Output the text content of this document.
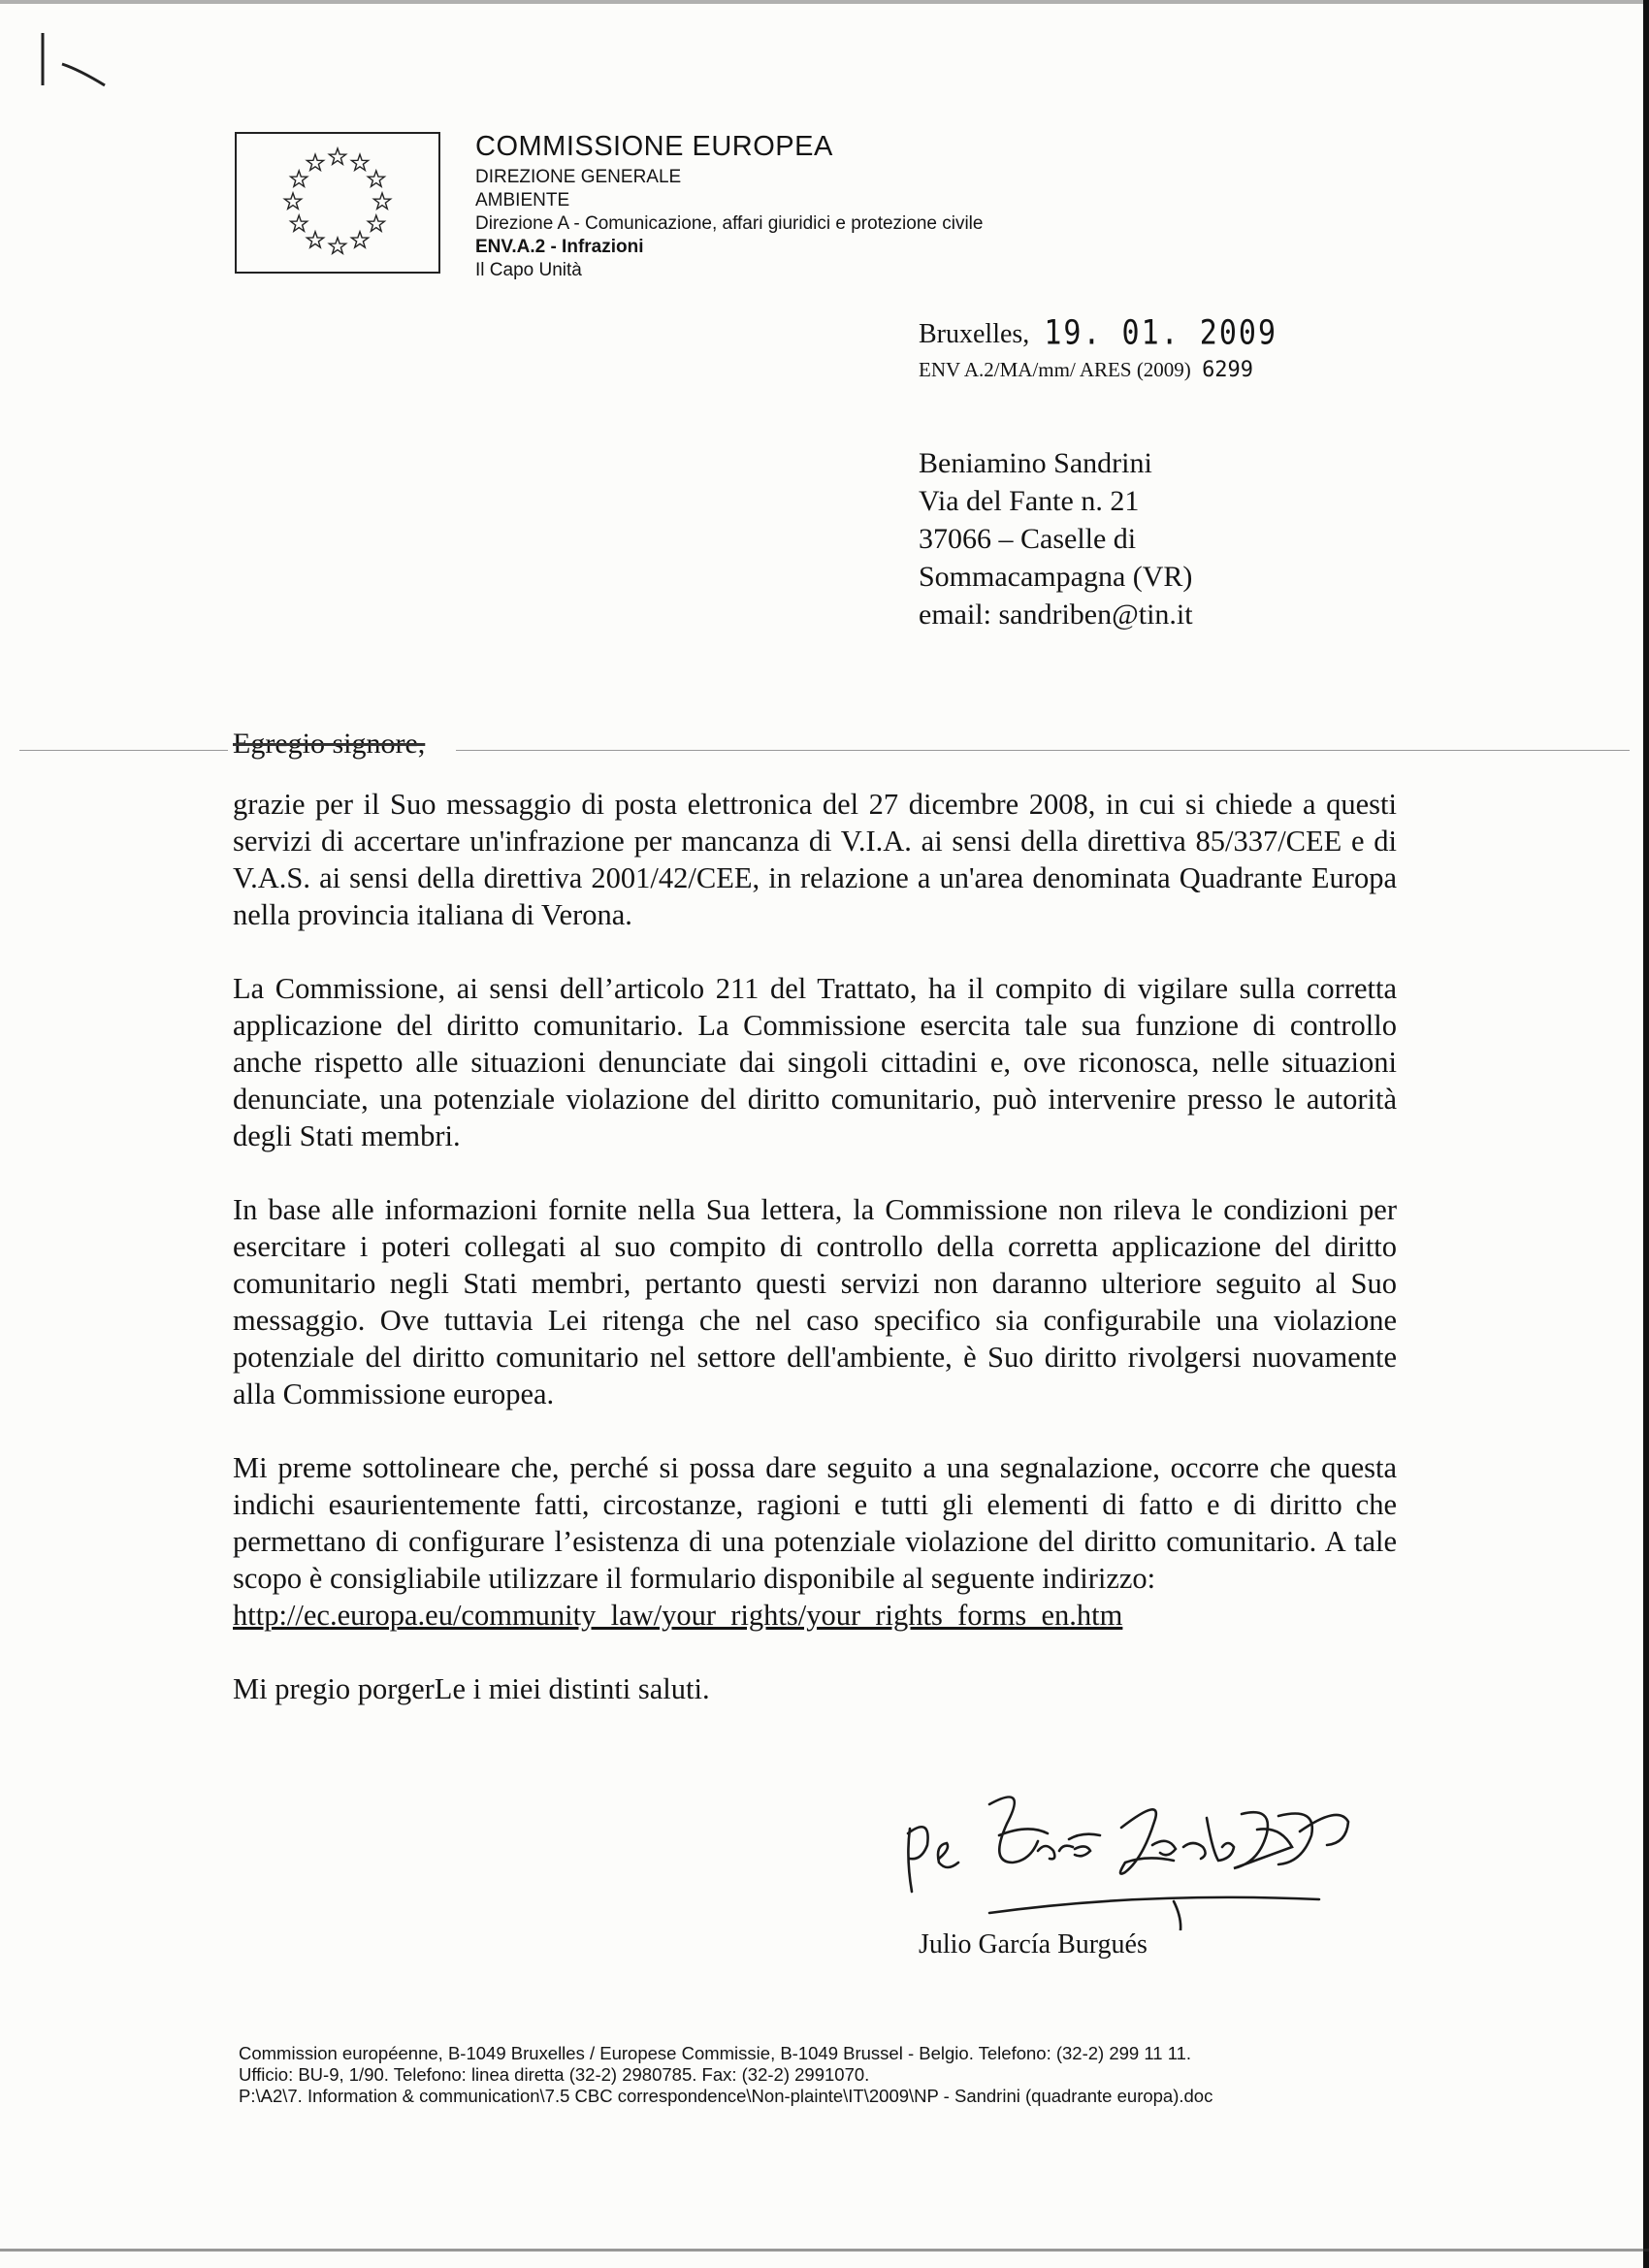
COMMISSIONE EUROPEA
DIREZIONE GENERALE
AMBIENTE
Direzione A - Comunicazione, affari giuridici e protezione civile
ENV.A.2 - Infrazioni
Il Capo Unità
Bruxelles, 19. 01. 2009
ENV A.2/MA/mm/ ARES (2009) 6299
Beniamino Sandrini
Via del Fante n. 21
37066 – Caselle di
Sommacampagna (VR)
email: sandriben@tin.it
Egregio signore,

grazie per il Suo messaggio di posta elettronica del 27 dicembre 2008, in cui si chiede a questi servizi di accertare un'infrazione per mancanza di V.I.A. ai sensi della direttiva 85/337/CEE e di V.A.S. ai sensi della direttiva 2001/42/CEE, in relazione a un'area denominata Quadrante Europa nella provincia italiana di Verona.

La Commissione, ai sensi dell’articolo 211 del Trattato, ha il compito di vigilare sulla corretta applicazione del diritto comunitario. La Commissione esercita tale sua funzione di controllo anche rispetto alle situazioni denunciate dai singoli cittadini e, ove riconosca, nelle situazioni denunciate, una potenziale violazione del diritto comunitario, può intervenire presso le autorità degli Stati membri.

In base alle informazioni fornite nella Sua lettera, la Commissione non rileva le condizioni per esercitare i poteri collegati al suo compito di controllo della corretta applicazione del diritto comunitario negli Stati membri, pertanto questi servizi non daranno ulteriore seguito al Suo messaggio. Ove tuttavia Lei ritenga che nel caso specifico sia configurabile una violazione potenziale del diritto comunitario nel settore dell'ambiente, è Suo diritto rivolgersi nuovamente alla Commissione europea.

Mi preme sottolineare che, perché si possa dare seguito a una segnalazione, occorre che questa indichi esaurientemente fatti, circostanze, ragioni e tutti gli elementi di fatto e di diritto che permettano di configurare l’esistenza di una potenziale violazione del diritto comunitario. A tale scopo è consigliabile utilizzare il formulario disponibile al seguente indirizzo:

http://ec.europa.eu/community_law/your_rights/your_rights_forms_en.htm

Mi pregio porgerLe i miei distinti saluti.

Julio García Burgués
Commission européenne, B-1049 Bruxelles / Europese Commissie, B-1049 Brussel - Belgio. Telefono: (32-2) 299 11 11.
Ufficio: BU-9, 1/90. Telefono: linea diretta (32-2) 2980785. Fax: (32-2) 2991070.
P:\A2\7. Information & communication\7.5 CBC correspondence\Non-plainte\IT\2009\NP - Sandrini (quadrante europa).doc
